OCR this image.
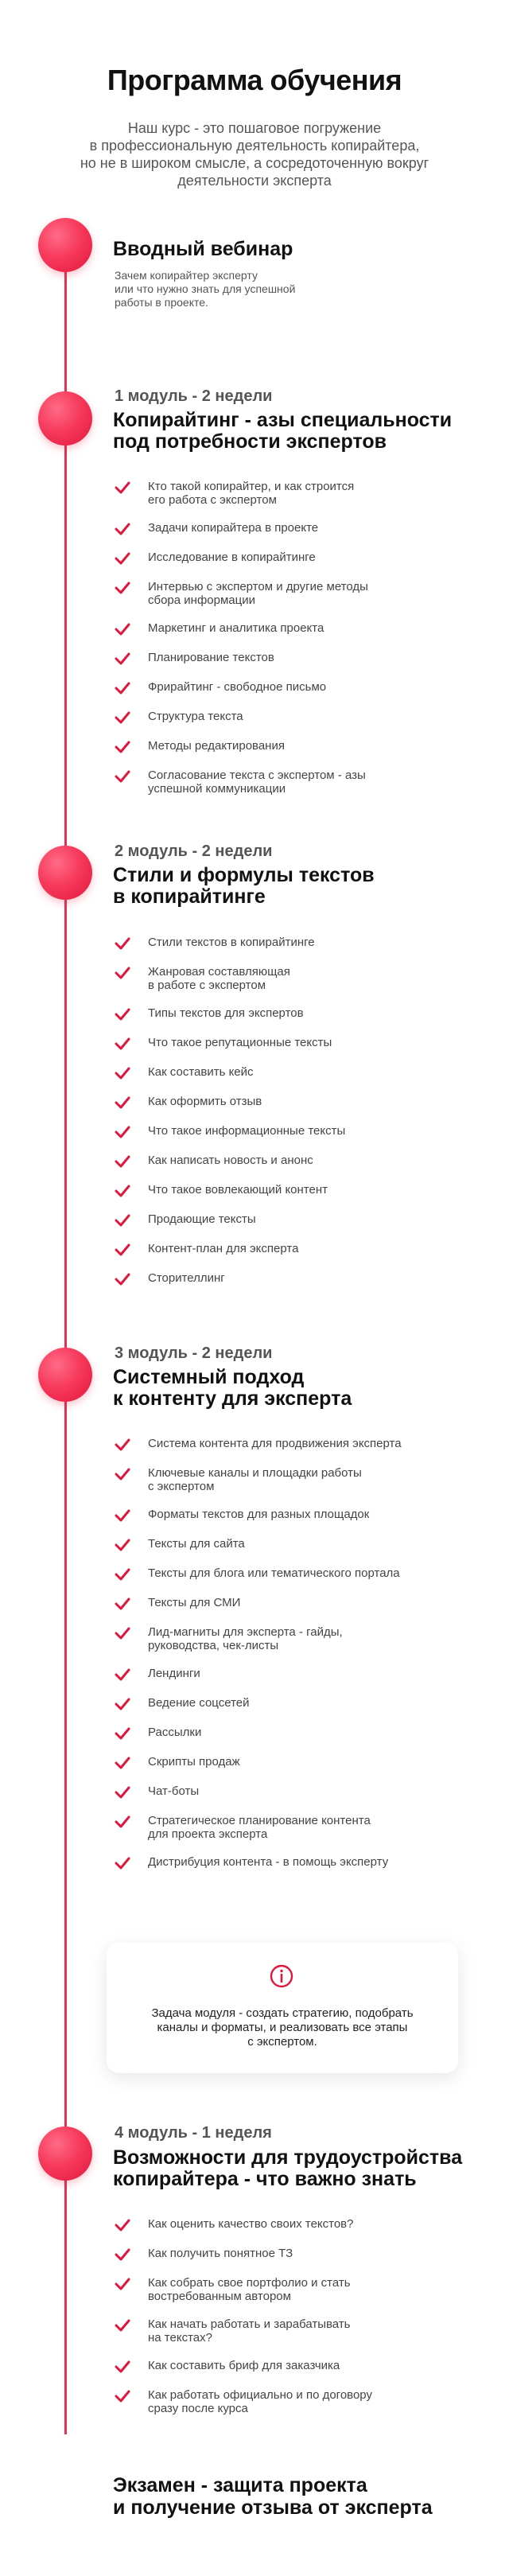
Программа обучения
Наш курс - это пошаговое погружение
в профессиональную деятельность копирайтера,
но не в широком смысле, а сосредоточенную вокруг
деятельности эксперта
Вводный вебинар
Зачем копирайтер эксперту
или что нужно знать для успешной
работы в проекте.
1 модуль - 2 недели
Копирайтинг - азы специальности
под потребности экспертов
Кто такой копирайтер, и как строится
его работа с экспертом
Задачи копирайтера в проекте
Исследование в копирайтинге
Интервью с экспертом и другие методы
сбора информации
Маркетинг и аналитика проекта
Планирование текстов
Фрирайтинг - свободное письмо
Структура текста
Методы редактирования
Согласование текста с экспертом - азы
успешной коммуникации
2 модуль - 2 недели
Стили и формулы текстов
в копирайтинге
Стили текстов в копирайтинге
Жанровая составляющая
в работе с экспертом
Типы текстов для экспертов
Что такое репутационные тексты
Как составить кейс
Как оформить отзыв
Что такое информационные тексты
Как написать новость и анонс
Что такое вовлекающий контент
Продающие тексты
Контент-план для эксперта
Сторителлинг
3 модуль - 2 недели
Системный подход
к контенту для эксперта
Система контента для продвижения эксперта
Ключевые каналы и площадки работы
с экспертом
Форматы текстов для разных площадок
Тексты для сайта
Тексты для блога или тематического портала
Тексты для СМИ
Лид-магниты для эксперта - гайды,
руководства, чек-листы
Лендинги
Ведение соцсетей
Рассылки
Скрипты продаж
Чат-боты
Стратегическое планирование контента
для проекта эксперта
Дистрибуция контента - в помощь эксперту
Задача модуля - создать стратегию, подобрать
каналы и форматы, и реализовать все этапы
с экспертом.
4 модуль - 1 неделя
Возможности для трудоустройства
копирайтера - что важно знать
Как оценить качество своих текстов?
Как получить понятное ТЗ
Как собрать свое портфолио и стать
востребованным автором
Как начать работать и зарабатывать
на текстах?
Как составить бриф для заказчика
Как работать официально и по договору
сразу после курса
Экзамен - защита проекта
и получение отзыва от эксперта
